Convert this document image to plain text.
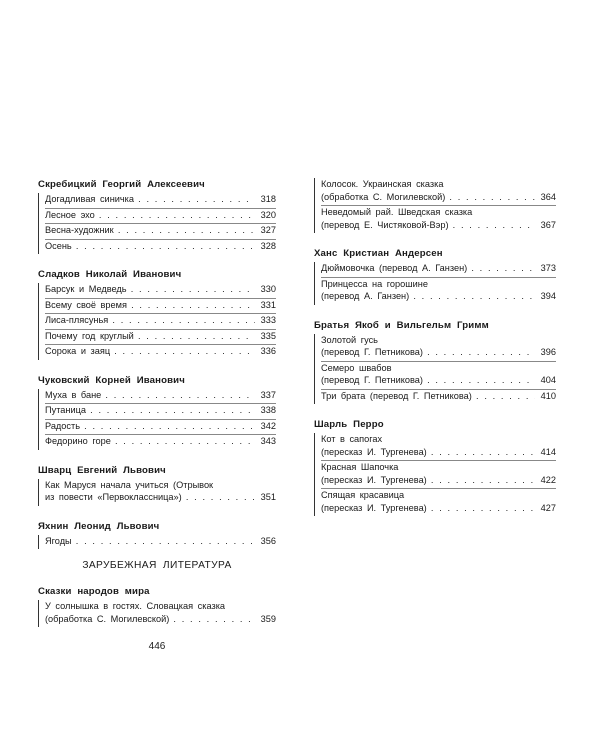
Скребицкий Георгий Алексеевич
Догадливая синичка	318
. . .
Лесное эхо	320
. . .
Весна-художник	327
. . .
Осень	328
. . .
Сладков Николай Иванович
Барсук и Медведь	330
. . .
Всему своё время	331
. . .
Лиса-плясунья	333
. . .
Почему год круглый	335
. . .
Сорока и заяц	336
. . .
Чуковский Корней Иванович
Муха в бане	337
. . .
Путаница	338
. . .
Радость	342
. . .
Федорино горе	343
. . .
Шварц Евгений Львович
Как Маруся начала учиться (Отрывок
из повести «Первоклассница»)	351
. . .
Яхнин Леонид Львович
Ягоды	356
. . .
ЗАРУБЕЖНАЯ ЛИТЕРАТУРА
Сказки народов мира
У солнышка в гостях. Словацкая сказка
(обработка С. Могилевской)	359
. . .
446
Колосок. Украинская сказка
(обработка С. Могилевской)	364
. . .
Неведомый рай. Шведская сказка
(перевод Е. Чистяковой-Вэр)	367
. . .
Ханс Кристиан Андерсен
Дюймовочка (перевод А. Ганзен)	373
. . .
Принцесса на горошине
(перевод А. Ганзен)	394
. . .
Братья Якоб и Вильгельм Гримм
Золотой гусь
(перевод Г. Петникова)	396
. . .
Семеро швабов
(перевод Г. Петникова)	404
. . .
Три брата (перевод Г. Петникова)	410
. . .
Шарль Перро
Кот в сапогах
(пересказ И. Тургенева)	414
. . .
Красная Шапочка
(пересказ И. Тургенева)	422
. . .
Спящая красавица
(пересказ И. Тургенева)	427
. . .
